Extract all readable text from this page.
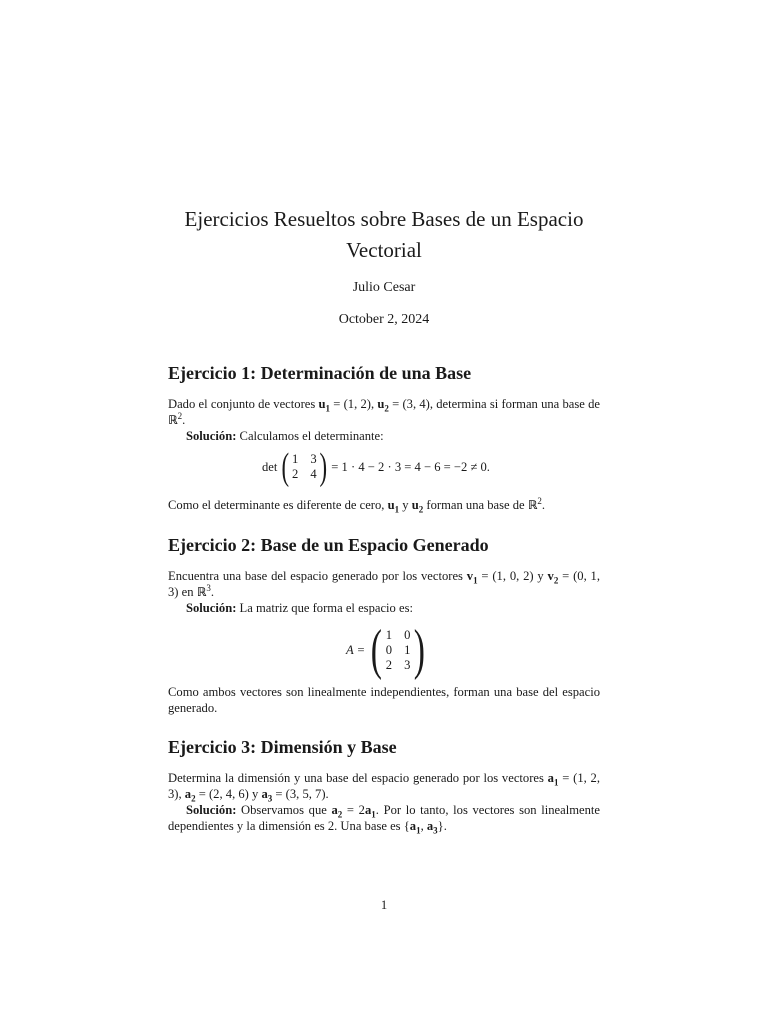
Ejercicios Resueltos sobre Bases de un Espacio Vectorial
Julio Cesar
October 2, 2024
Ejercicio 1: Determinación de una Base
Dado el conjunto de vectores $u_1 = (1$, 2), $u_2 = (3$, 4), determina si forman una base de ℝ$^2$.
Solución: Calculamos el determinante:
det ( 1 3
2 4 ) = 1 · 4 − 2 · 3 = 4 − 6 = −2 ≠ 0.
Como el determinante es diferente de cero, $u_1$ y $u_2$ forman una base de ℝ$^2$.
Ejercicio 2: Base de un Espacio Generado
Encuentra una base del espacio generado por los vectores $v_1 = (1$, 0, 2) y $v_2 = (0$, 1, 3) en ℝ$^3$.
Solución: La matriz que forma el espacio es:
A = ( 1 0
0 1
2 3 )
Como ambos vectores son linealmente independientes, forman una base del espacio generado.
Ejercicio 3: Dimensión y Base
Determina la dimensión y una base del espacio generado por los vectores $a_1 = (1$, 2, 3), $a_2 = (2$, 4, 6) y $a_3 = (3$, 5, 7).
Solución: Observamos que $a_2 = 2a_1$. Por lo tanto, los vectores son linealmente dependientes y la dimensión es 2. Una base es {$a_1$, $a_3$}.
1
